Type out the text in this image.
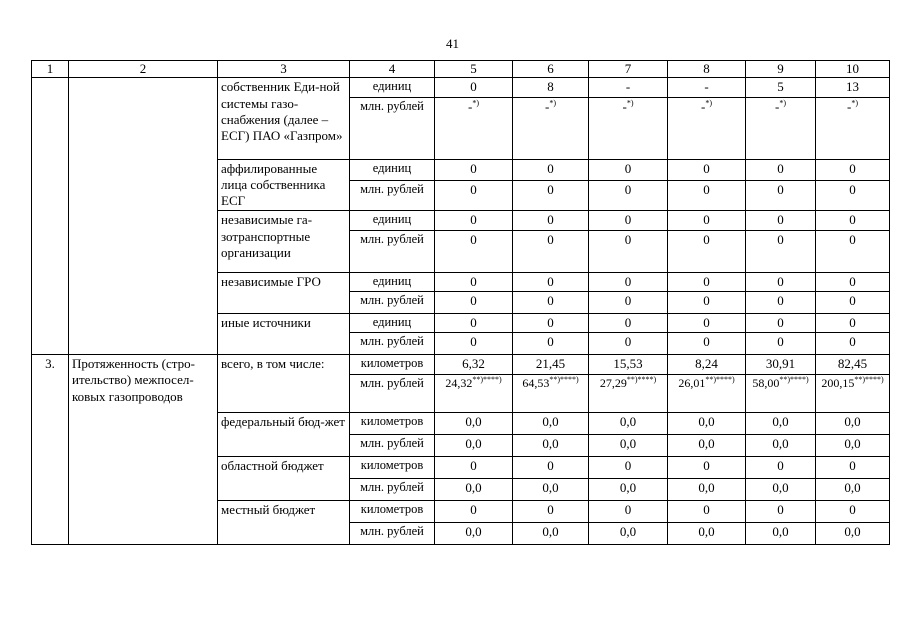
41
1	2	3	4	5	6	7	8	9	10
		собственник Еди-ной системы газо-снабжения (далее – ЕСГ) ПАО «Газпром»	единиц	0	8	-	-	5	13
			млн. рублей	-*)	-*)	-*)	-*)	-*)	-*)
		аффилированные лица собственника ЕСГ	единиц	0	0	0	0	0	0
			млн. рублей	0	0	0	0	0	0
		независимые га-зотранспортные организации	единиц	0	0	0	0	0	0
			млн. рублей	0	0	0	0	0	0
		независимые ГРО	единиц	0	0	0	0	0	0
			млн. рублей	0	0	0	0	0	0
		иные источники	единиц	0	0	0	0	0	0
			млн. рублей	0	0	0	0	0	0
3.	Протяженность (стро-ительство) межпосел-ковых газопроводов	всего, в том числе:	километров	6,32	21,45	15,53	8,24	30,91	82,45
			млн. рублей	24,32**)****)	64,53**)****)	27,29**)****)	26,01**)****)	58,00**)****)	200,15**)****)
		федеральный бюд-жет	километров	0,0	0,0	0,0	0,0	0,0	0,0
			млн. рублей	0,0	0,0	0,0	0,0	0,0	0,0
		областной бюджет	километров	0	0	0	0	0	0
			млн. рублей	0,0	0,0	0,0	0,0	0,0	0,0
		местный бюджет	километров	0	0	0	0	0	0
			млн. рублей	0,0	0,0	0,0	0,0	0,0	0,0
